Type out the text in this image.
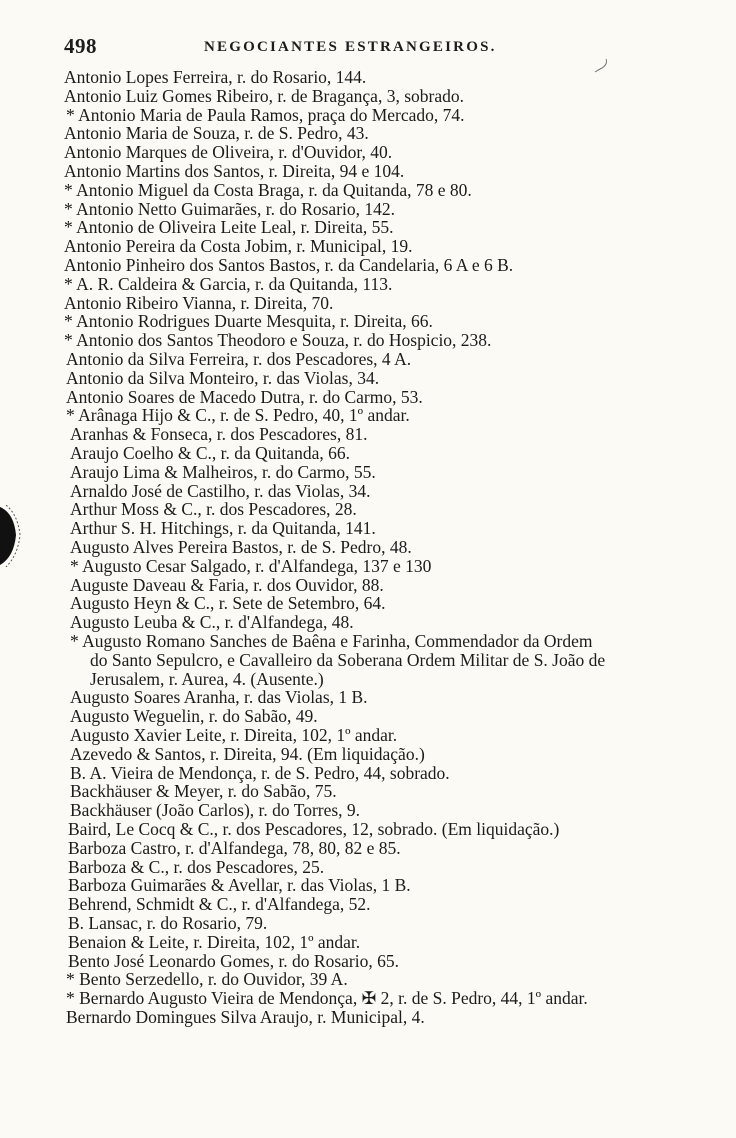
498	NEGOCIANTES ESTRANGEIROS.
Antonio Lopes Ferreira, r. do Rosario, 144.
Antonio Luiz Gomes Ribeiro, r. de Bragança, 3, sobrado.
* Antonio Maria de Paula Ramos, praça do Mercado, 74.
Antonio Maria de Souza, r. de S. Pedro, 43.
Antonio Marques de Oliveira, r. d'Ouvidor, 40.
Antonio Martins dos Santos, r. Direita, 94 e 104.
* Antonio Miguel da Costa Braga, r. da Quitanda, 78 e 80.
* Antonio Netto Guimarães, r. do Rosario, 142.
* Antonio de Oliveira Leite Leal, r. Direita, 55.
Antonio Pereira da Costa Jobim, r. Municipal, 19.
Antonio Pinheiro dos Santos Bastos, r. da Candelaria, 6 A e 6 B.
* A. R. Caldeira & Garcia, r. da Quitanda, 113.
Antonio Ribeiro Vianna, r. Direita, 70.
* Antonio Rodrigues Duarte Mesquita, r. Direita, 66.
* Antonio dos Santos Theodoro e Souza, r. do Hospicio, 238.
Antonio da Silva Ferreira, r. dos Pescadores, 4 A.
Antonio da Silva Monteiro, r. das Violas, 34.
Antonio Soares de Macedo Dutra, r. do Carmo, 53.
* Arânaga Hijo & C., r. de S. Pedro, 40, 1º andar.
Aranhas & Fonseca, r. dos Pescadores, 81.
Araujo Coelho & C., r. da Quitanda, 66.
Araujo Lima & Malheiros, r. do Carmo, 55.
Arnaldo José de Castilho, r. das Violas, 34.
Arthur Moss & C., r. dos Pescadores, 28.
Arthur S. H. Hitchings, r. da Quitanda, 141.
Augusto Alves Pereira Bastos, r. de S. Pedro, 48.
* Augusto Cesar Salgado, r. d'Alfandega, 137 e 130
Auguste Daveau & Faria, r. dos Ouvidor, 88.
Augusto Heyn & C., r. Sete de Setembro, 64.
Augusto Leuba & C., r. d'Alfandega, 48.
* Augusto Romano Sanches de Baêna e Farinha, Commendador da Ordem
do Santo Sepulcro, e Cavalleiro da Soberana Ordem Militar de S. João de
Jerusalem, r. Aurea, 4. (Ausente.)
Augusto Soares Aranha, r. das Violas, 1 B.
Augusto Weguelin, r. do Sabão, 49.
Augusto Xavier Leite, r. Direita, 102, 1º andar.
Azevedo & Santos, r. Direita, 94. (Em liquidação.)
B. A. Vieira de Mendonça, r. de S. Pedro, 44, sobrado.
Backhäuser & Meyer, r. do Sabão, 75.
Backhäuser (João Carlos), r. do Torres, 9.
Baird, Le Cocq & C., r. dos Pescadores, 12, sobrado. (Em liquidação.)
Barboza Castro, r. d'Alfandega, 78, 80, 82 e 85.
Barboza & C., r. dos Pescadores, 25.
Barboza Guimarães & Avellar, r. das Violas, 1 B.
Behrend, Schmidt & C., r. d'Alfandega, 52.
B. Lansac, r. do Rosario, 79.
Benaion & Leite, r. Direita, 102, 1º andar.
Bento José Leonardo Gomes, r. do Rosario, 65.
* Bento Serzedello, r. do Ouvidor, 39 A.
* Bernardo Augusto Vieira de Mendonça, ✠ 2, r. de S. Pedro, 44, 1º andar.
Bernardo Domingues Silva Araujo, r. Municipal, 4.
